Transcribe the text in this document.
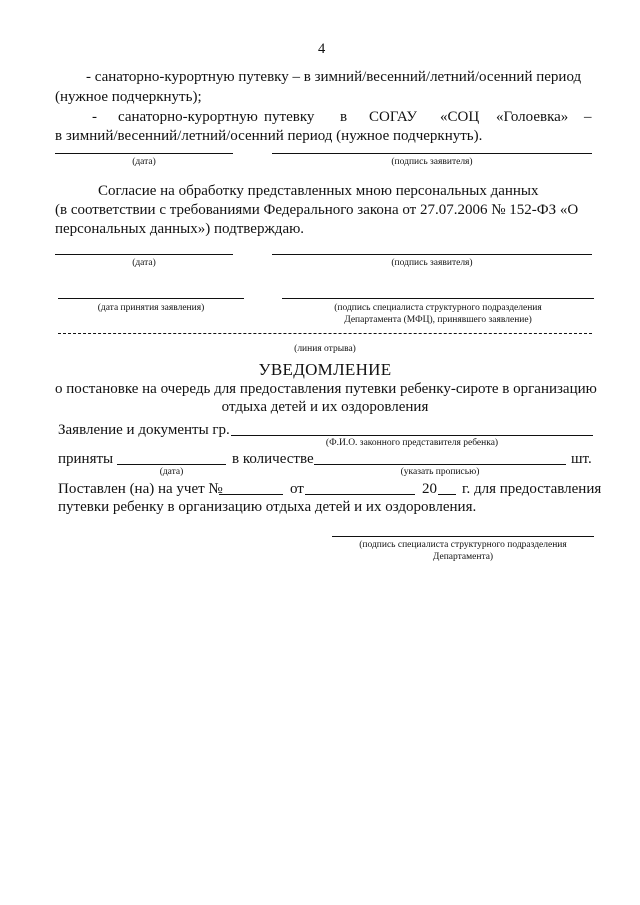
4
- санаторно-курортную путевку – в зимний/весенний/летний/осенний период
(нужное подчеркнуть);
- санаторно-курортную путевку в СОГАУ «СОЦ «Голоевка» –
в зимний/весенний/летний/осенний период (нужное подчеркнуть).
(дата)	(подпись заявителя)
Согласие на обработку представленных мною персональных данных
(в соответствии с требованиями Федерального закона от 27.07.2006 № 152-ФЗ «О
персональных данных») подтверждаю.
(дата)	(подпись заявителя)
(дата принятия заявления)	(подпись специалиста структурного подразделения
Департамента (МФЦ), принявшего заявление)
(линия отрыва)
УВЕДОМЛЕНИЕ
о постановке на очередь для предоставления путевки ребенку-сироте в организацию
отдыха детей и их оздоровления
Заявление и документы гр.
(Ф.И.О. законного представителя ребенка)
приняты	в количестве	шт.
(дата)	(указать прописью)
Поставлен (на) на учет №	от	20 г. для предоставления
путевки ребенку в организацию отдыха детей и их оздоровления.
(подпись специалиста структурного подразделения
Департамента)
